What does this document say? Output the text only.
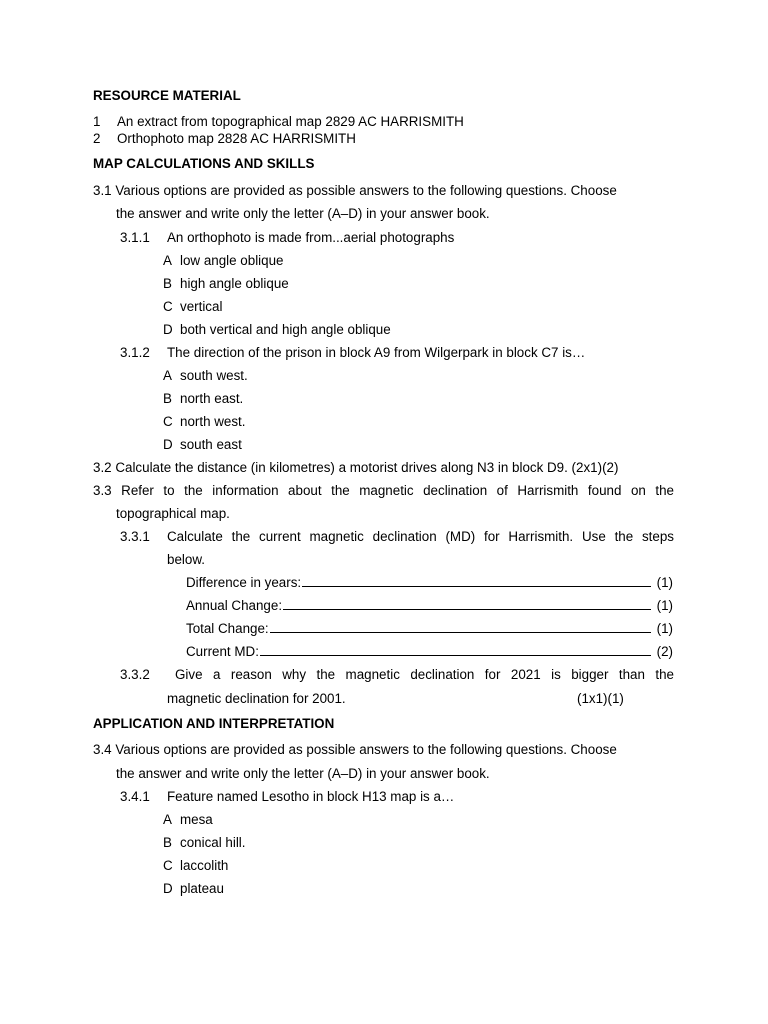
RESOURCE MATERIAL
1 An extract from topographical map 2829 AC HARRISMITH
2 Orthophoto map 2828 AC HARRISMITH
MAP CALCULATIONS AND SKILLS
3.1 Various options are provided as possible answers to the following questions. Choose
the answer and write only the letter (A–D) in your answer book.
3.1.1 An orthophoto is made from...aerial photographs
A low angle oblique
B high angle oblique
C vertical
D both vertical and high angle oblique
3.1.2 The direction of the prison in block A9 from Wilgerpark in block C7 is…
A south west.
B north east.
C north west.
D south east
3.2 Calculate the distance (in kilometres) a motorist drives along N3 in block D9. (2x1)(2)
3.3 Refer to the information about the magnetic declination of Harrismith found on the
topographical map.
3.3.1 Calculate the current magnetic declination (MD) for Harrismith. Use the steps
below.
Difference in years:	(1)
Annual Change:	(1)
Total Change:	(1)
Current MD:	(2)
3.3.2 Give a reason why the magnetic declination for 2021 is bigger than the
magnetic declination for 2001.	(1x1)(1)
APPLICATION AND INTERPRETATION
3.4 Various options are provided as possible answers to the following questions. Choose
the answer and write only the letter (A–D) in your answer book.
3.4.1 Feature named Lesotho in block H13 map is a…
A mesa
B conical hill.
C laccolith
D plateau
